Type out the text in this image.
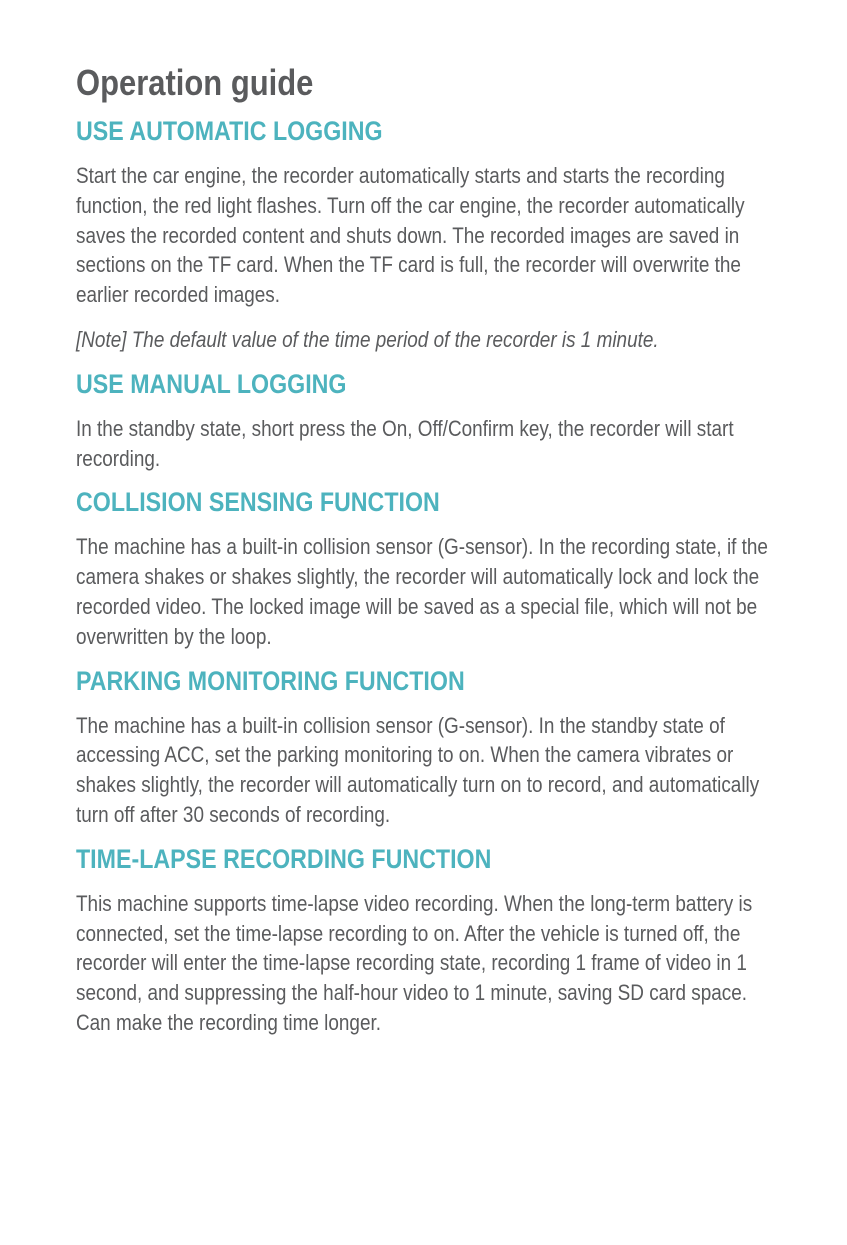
Operation guide
USE AUTOMATIC LOGGING

Start the car engine, the recorder automatically starts and starts the recording function, the red light flashes. Turn off the car engine, the recorder automatically saves the recorded content and shuts down. The recorded images are saved in sections on the TF card. When the TF card is full, the recorder will overwrite the earlier recorded images.

[Note] The default value of the time period of the recorder is 1 minute.

USE MANUAL LOGGING

In the standby state, short press the On, Off/Confirm key, the recorder will start recording.

COLLISION SENSING FUNCTION

The machine has a built-in collision sensor (G-sensor). In the recording state, if the camera shakes or shakes slightly, the recorder will automatically lock and lock the recorded video. The locked image will be saved as a special file, which will not be overwritten by the loop.

PARKING MONITORING FUNCTION

The machine has a built-in collision sensor (G-sensor). In the standby state of accessing ACC, set the parking monitoring to on. When the camera vibrates or shakes slightly, the recorder will automatically turn on to record, and automatically turn off after 30 seconds of recording.

TIME-LAPSE RECORDING FUNCTION

This machine supports time-lapse video recording. When the long-term battery is connected, set the time-lapse recording to on. After the vehicle is turned off, the recorder will enter the time-lapse recording state, recording 1 frame of video in 1 second, and suppressing the half-hour video to 1 minute, saving SD card space. Can make the recording time longer.
